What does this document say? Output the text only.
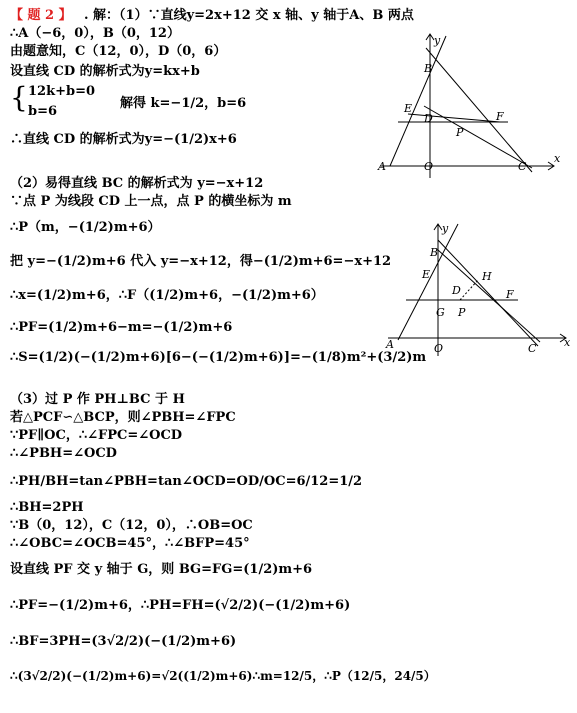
【 题 2 】 . 解：（1）∵直线y=2x+12 交 x 轴、y 轴于A、B 两点
∴A（−6，0），B（0，12）
由题意知，C（12，0），D（0，6）
设直线 CD 的解析式为y=kx+b
{ 12k+b=0
b=6
解得 k=−1/2，b=6
∴直线 CD 的解析式为y=−(1/2)x+6
（2）易得直线 BC 的解析式为 y=−x+12
∵点 P 为线段 CD 上一点，点 P 的横坐标为 m
∴P（m，−(1/2)m+6）
把 y=−(1/2)m+6 代入 y=−x+12，得−(1/2)m+6=−x+12
∴x=(1/2)m+6，∴F（(1/2)m+6，−(1/2)m+6）
∴PF=(1/2)m+6−m=−(1/2)m+6
∴S=(1/2)(−(1/2)m+6)[6−(−(1/2)m+6)]=−(1/8)m²+(3/2)m
（3）过 P 作 PH⊥BC 于 H
若△PCF∽△BCP，则∠PBH=∠FPC
∵PF∥OC，∴∠FPC=∠OCD
∴∠PBH=∠OCD
∴PH/BH=tan∠PBH=tan∠OCD=OD/OC=6/12=1/2
∴BH=2PH
∵B（0，12），C（12，0），∴OB=OC
∴∠OBC=∠OCB=45°，∴∠BFP=45°
设直线 PF 交 y 轴于 G，则 BG=FG=(1/2)m+6
∴PF=−(1/2)m+6，∴PH=FH=(√2/2)(−(1/2)m+6)
∴BF=3PH=(3√2/2)(−(1/2)m+6)
∴(3√2/2)(−(1/2)m+6)=√2((1/2)m+6)∴m=12/5，∴P（12/5，24/5）
y
B
E
D	F
P
A	O	C
x
y
B
E	H
D	F
G P
A	O	C	x
